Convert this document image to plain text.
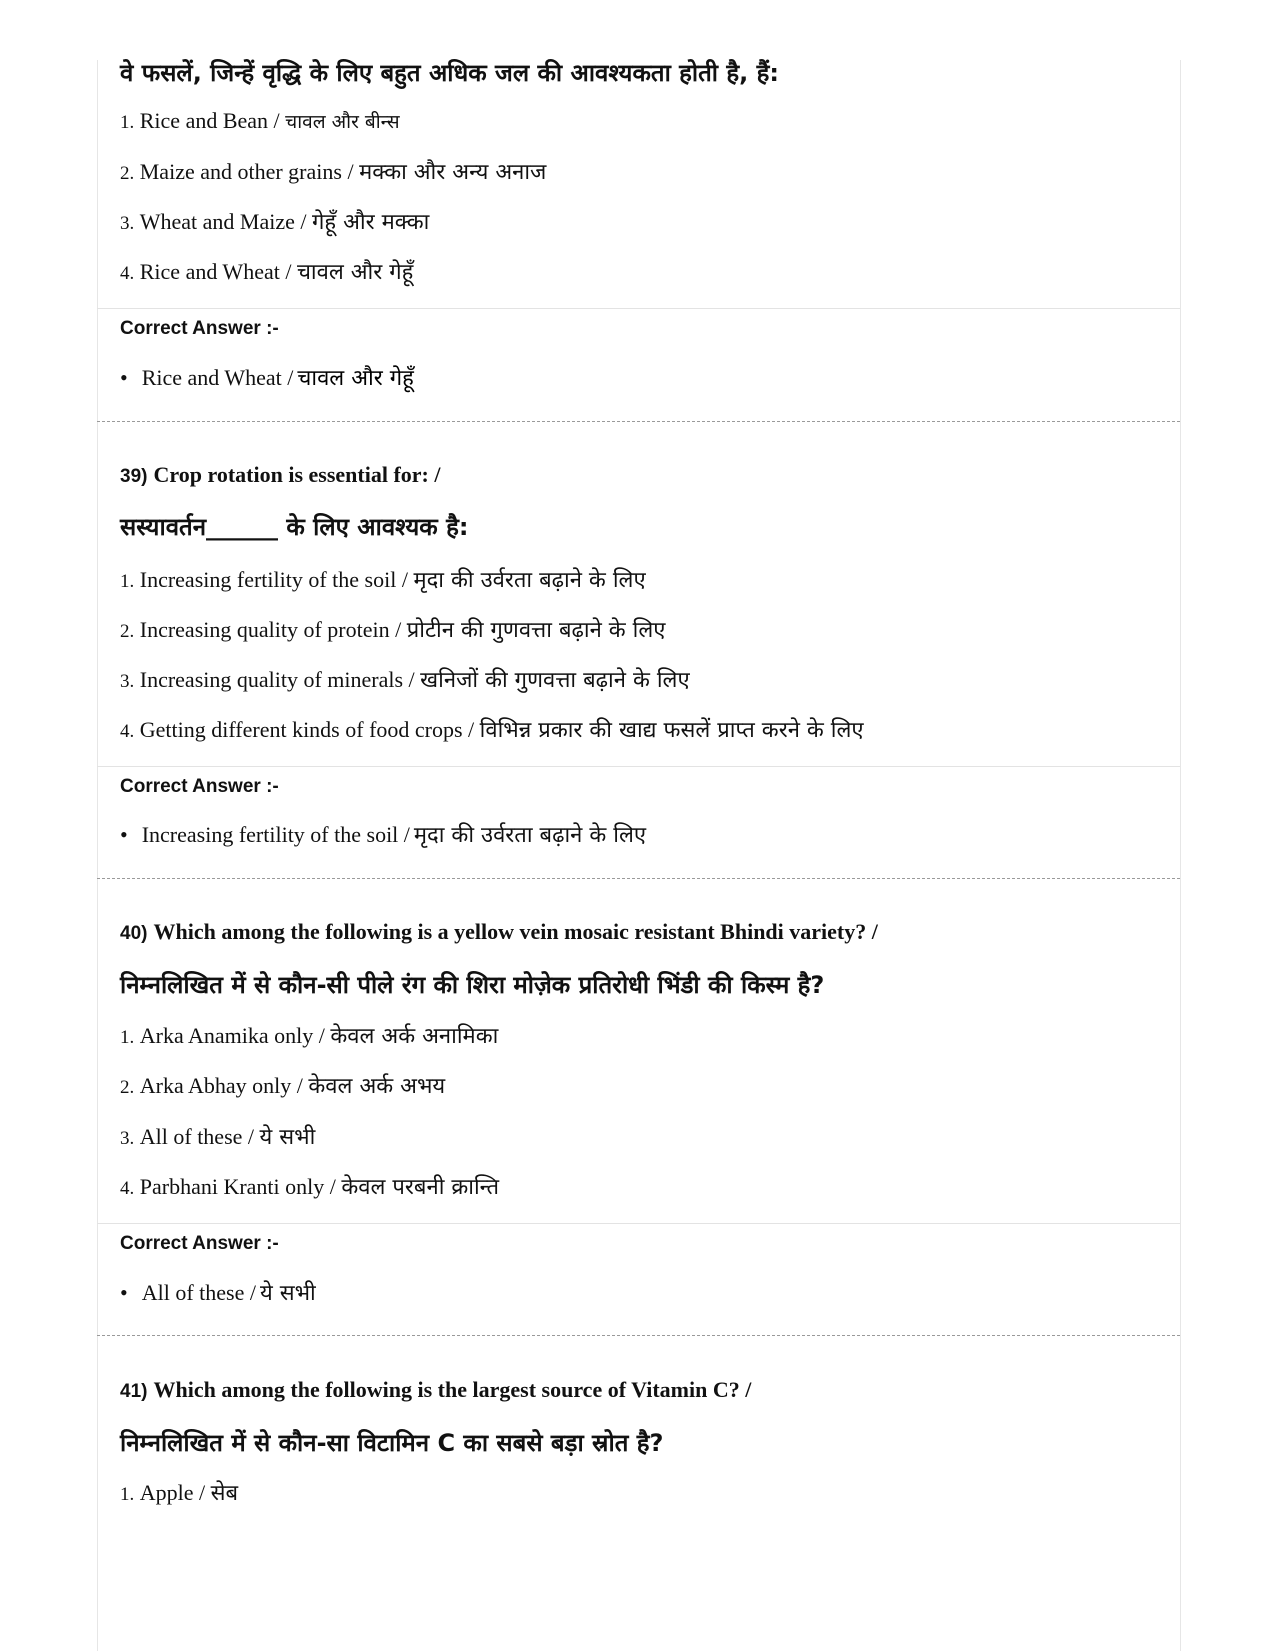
वे फसलें, जिन्हें वृद्धि के लिए बहुत अधिक जल की आवश्यकता होती है, हैं:
1. Rice and Bean / चावल और बीन्स
2. Maize and other grains / मक्का और अन्य अनाज
3. Wheat and Maize / गेहूँ और मक्का
4. Rice and Wheat / चावल और गेहूँ
Correct Answer :-
• Rice and Wheat / चावल और गेहूँ
39) Crop rotation is essential for: /
सस्यावर्तन______ के लिए आवश्यक है:
1. Increasing fertility of the soil / मृदा की उर्वरता बढ़ाने के लिए
2. Increasing quality of protein / प्रोटीन की गुणवत्ता बढ़ाने के लिए
3. Increasing quality of minerals / खनिजों की गुणवत्ता बढ़ाने के लिए
4. Getting different kinds of food crops / विभिन्न प्रकार की खाद्य फसलें प्राप्त करने के लिए
Correct Answer :-
• Increasing fertility of the soil / मृदा की उर्वरता बढ़ाने के लिए
40) Which among the following is a yellow vein mosaic resistant Bhindi variety? /
निम्नलिखित में से कौन-सी पीले रंग की शिरा मोज़ेक प्रतिरोधी भिंडी की किस्म है?
1. Arka Anamika only / केवल अर्क अनामिका
2. Arka Abhay only / केवल अर्क अभय
3. All of these / ये सभी
4. Parbhani Kranti only / केवल परबनी क्रान्ति
Correct Answer :-
• All of these / ये सभी
41) Which among the following is the largest source of Vitamin C? /
निम्नलिखित में से कौन-सा विटामिन C का सबसे बड़ा स्रोत है?
1. Apple / सेब
